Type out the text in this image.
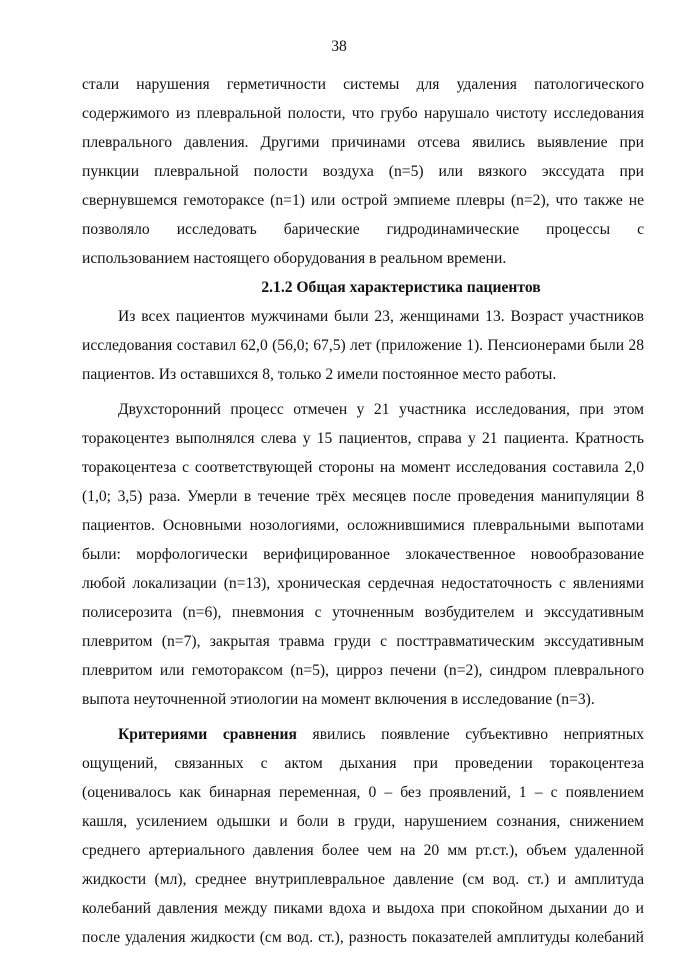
38
стали нарушения герметичности системы для удаления патологического
содержимого из плевральной полости, что грубо нарушало чистоту исследования
плеврального давления. Другими причинами отсева явились выявление при
пункции плевральной полости воздуха (n=5) или вязкого экссудата при
свернувшемся гемотораксе (n=1) или острой эмпиеме плевры (n=2), что также не
позволяло исследовать барические гидродинамические процессы с
использованием настоящего оборудования в реальном времени.
2.1.2 Общая характеристика пациентов
Из всех пациентов мужчинами были 23, женщинами 13. Возраст участников
исследования составил 62,0 (56,0; 67,5) лет (приложение 1). Пенсионерами были 28
пациентов. Из оставшихся 8, только 2 имели постоянное место работы.
Двухсторонний процесс отмечен у 21 участника исследования, при этом
торакоцентез выполнялся слева у 15 пациентов, справа у 21 пациента. Кратность
торакоцентеза с соответствующей стороны на момент исследования составила 2,0
(1,0; 3,5) раза. Умерли в течение трёх месяцев после проведения манипуляции 8
пациентов. Основными нозологиями, осложнившимися плевральными выпотами
были: морфологически верифицированное злокачественное новообразование
любой локализации (n=13), хроническая сердечная недостаточность с явлениями
полисерозита (n=6), пневмония с уточненным возбудителем и экссудативным
плевритом (n=7), закрытая травма груди с посттравматическим экссудативным
плевритом или гемотораксом (n=5), цирроз печени (n=2), синдром плеврального
выпота неуточненной этиологии на момент включения в исследование (n=3).
Критериями сравнения явились появление субъективно неприятных
ощущений, связанных с актом дыхания при проведении торакоцентеза
(оценивалось как бинарная переменная, 0 – без проявлений, 1 – с появлением
кашля, усилением одышки и боли в груди, нарушением сознания, снижением
среднего артериального давления более чем на 20 мм рт.ст.), объем удаленной
жидкости (мл), среднее внутриплевральное давление (см вод. ст.) и амплитуда
колебаний давления между пиками вдоха и выдоха при спокойном дыхании до и
после удаления жидкости (см вод. ст.), разность показателей амплитуды колебаний
